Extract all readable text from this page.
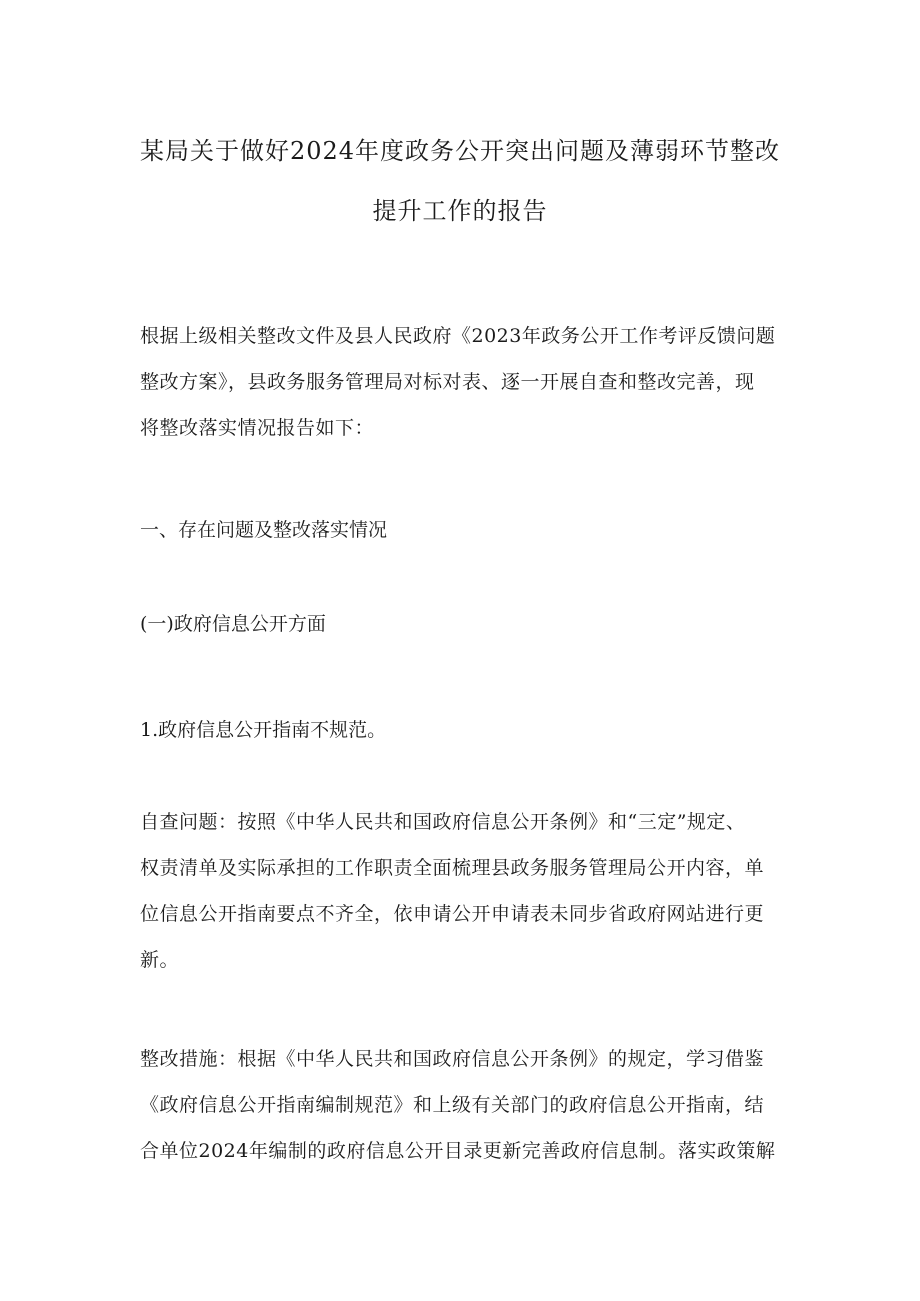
某局关于做好2024年度政务公开突出问题及薄弱环节整改
提升工作的报告

根据上级相关整改文件及县人民政府《2023年政务公开工作考评反馈问题
整改方案》，县政务服务管理局对标对表、逐一开展自查和整改完善，现
将整改落实情况报告如下：

一、存在问题及整改落实情况

(一)政府信息公开方面

1.政府信息公开指南不规范。

自查问题：按照《中华人民共和国政府信息公开条例》和“三定”规定、
权责清单及实际承担的工作职责全面梳理县政务服务管理局公开内容，单
位信息公开指南要点不齐全，依申请公开申请表未同步省政府网站进行更
新。

整改措施：根据《中华人民共和国政府信息公开条例》的规定，学习借鉴
《政府信息公开指南编制规范》和上级有关部门的政府信息公开指南，结
合单位2024年编制的政府信息公开目录更新完善政府信息制。落实政策解
